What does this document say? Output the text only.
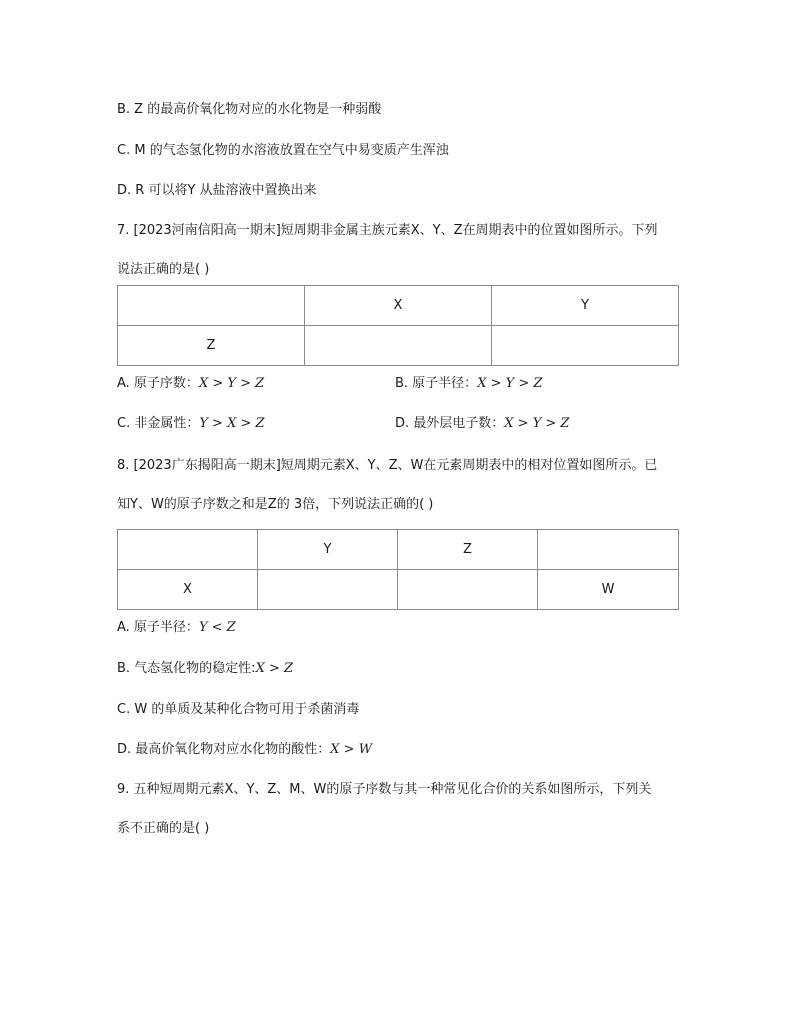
B. Z 的最高价氧化物对应的水化物是一种弱酸
C. M 的气态氢化物的水溶液放置在空气中易变质产生浑浊
D. R 可以将Y 从盐溶液中置换出来
7. [2023河南信阳高一期末]短周期非金属主族元素X、Y、Z在周期表中的位置如图所示。下列
说法正确的是( )
	X	Y
Z		
A. 原子序数：X > Y > Z	B. 原子半径：X > Y > Z
C. 非金属性：Y > X > Z	D. 最外层电子数：X > Y > Z
8. [2023广东揭阳高一期末]短周期元素X、Y、Z、W在元素周期表中的相对位置如图所示。已
知Y、W的原子序数之和是Z的 3倍，下列说法正确的( )
	Y	Z	
X			W
A. 原子半径：Y < Z
B. 气态氢化物的稳定性:X > Z
C. W 的单质及某种化合物可用于杀菌消毒
D. 最高价氧化物对应水化物的酸性：X > W
9. 五种短周期元素X、Y、Z、M、W的原子序数与其一种常见化合价的关系如图所示，下列关
系不正确的是( )
